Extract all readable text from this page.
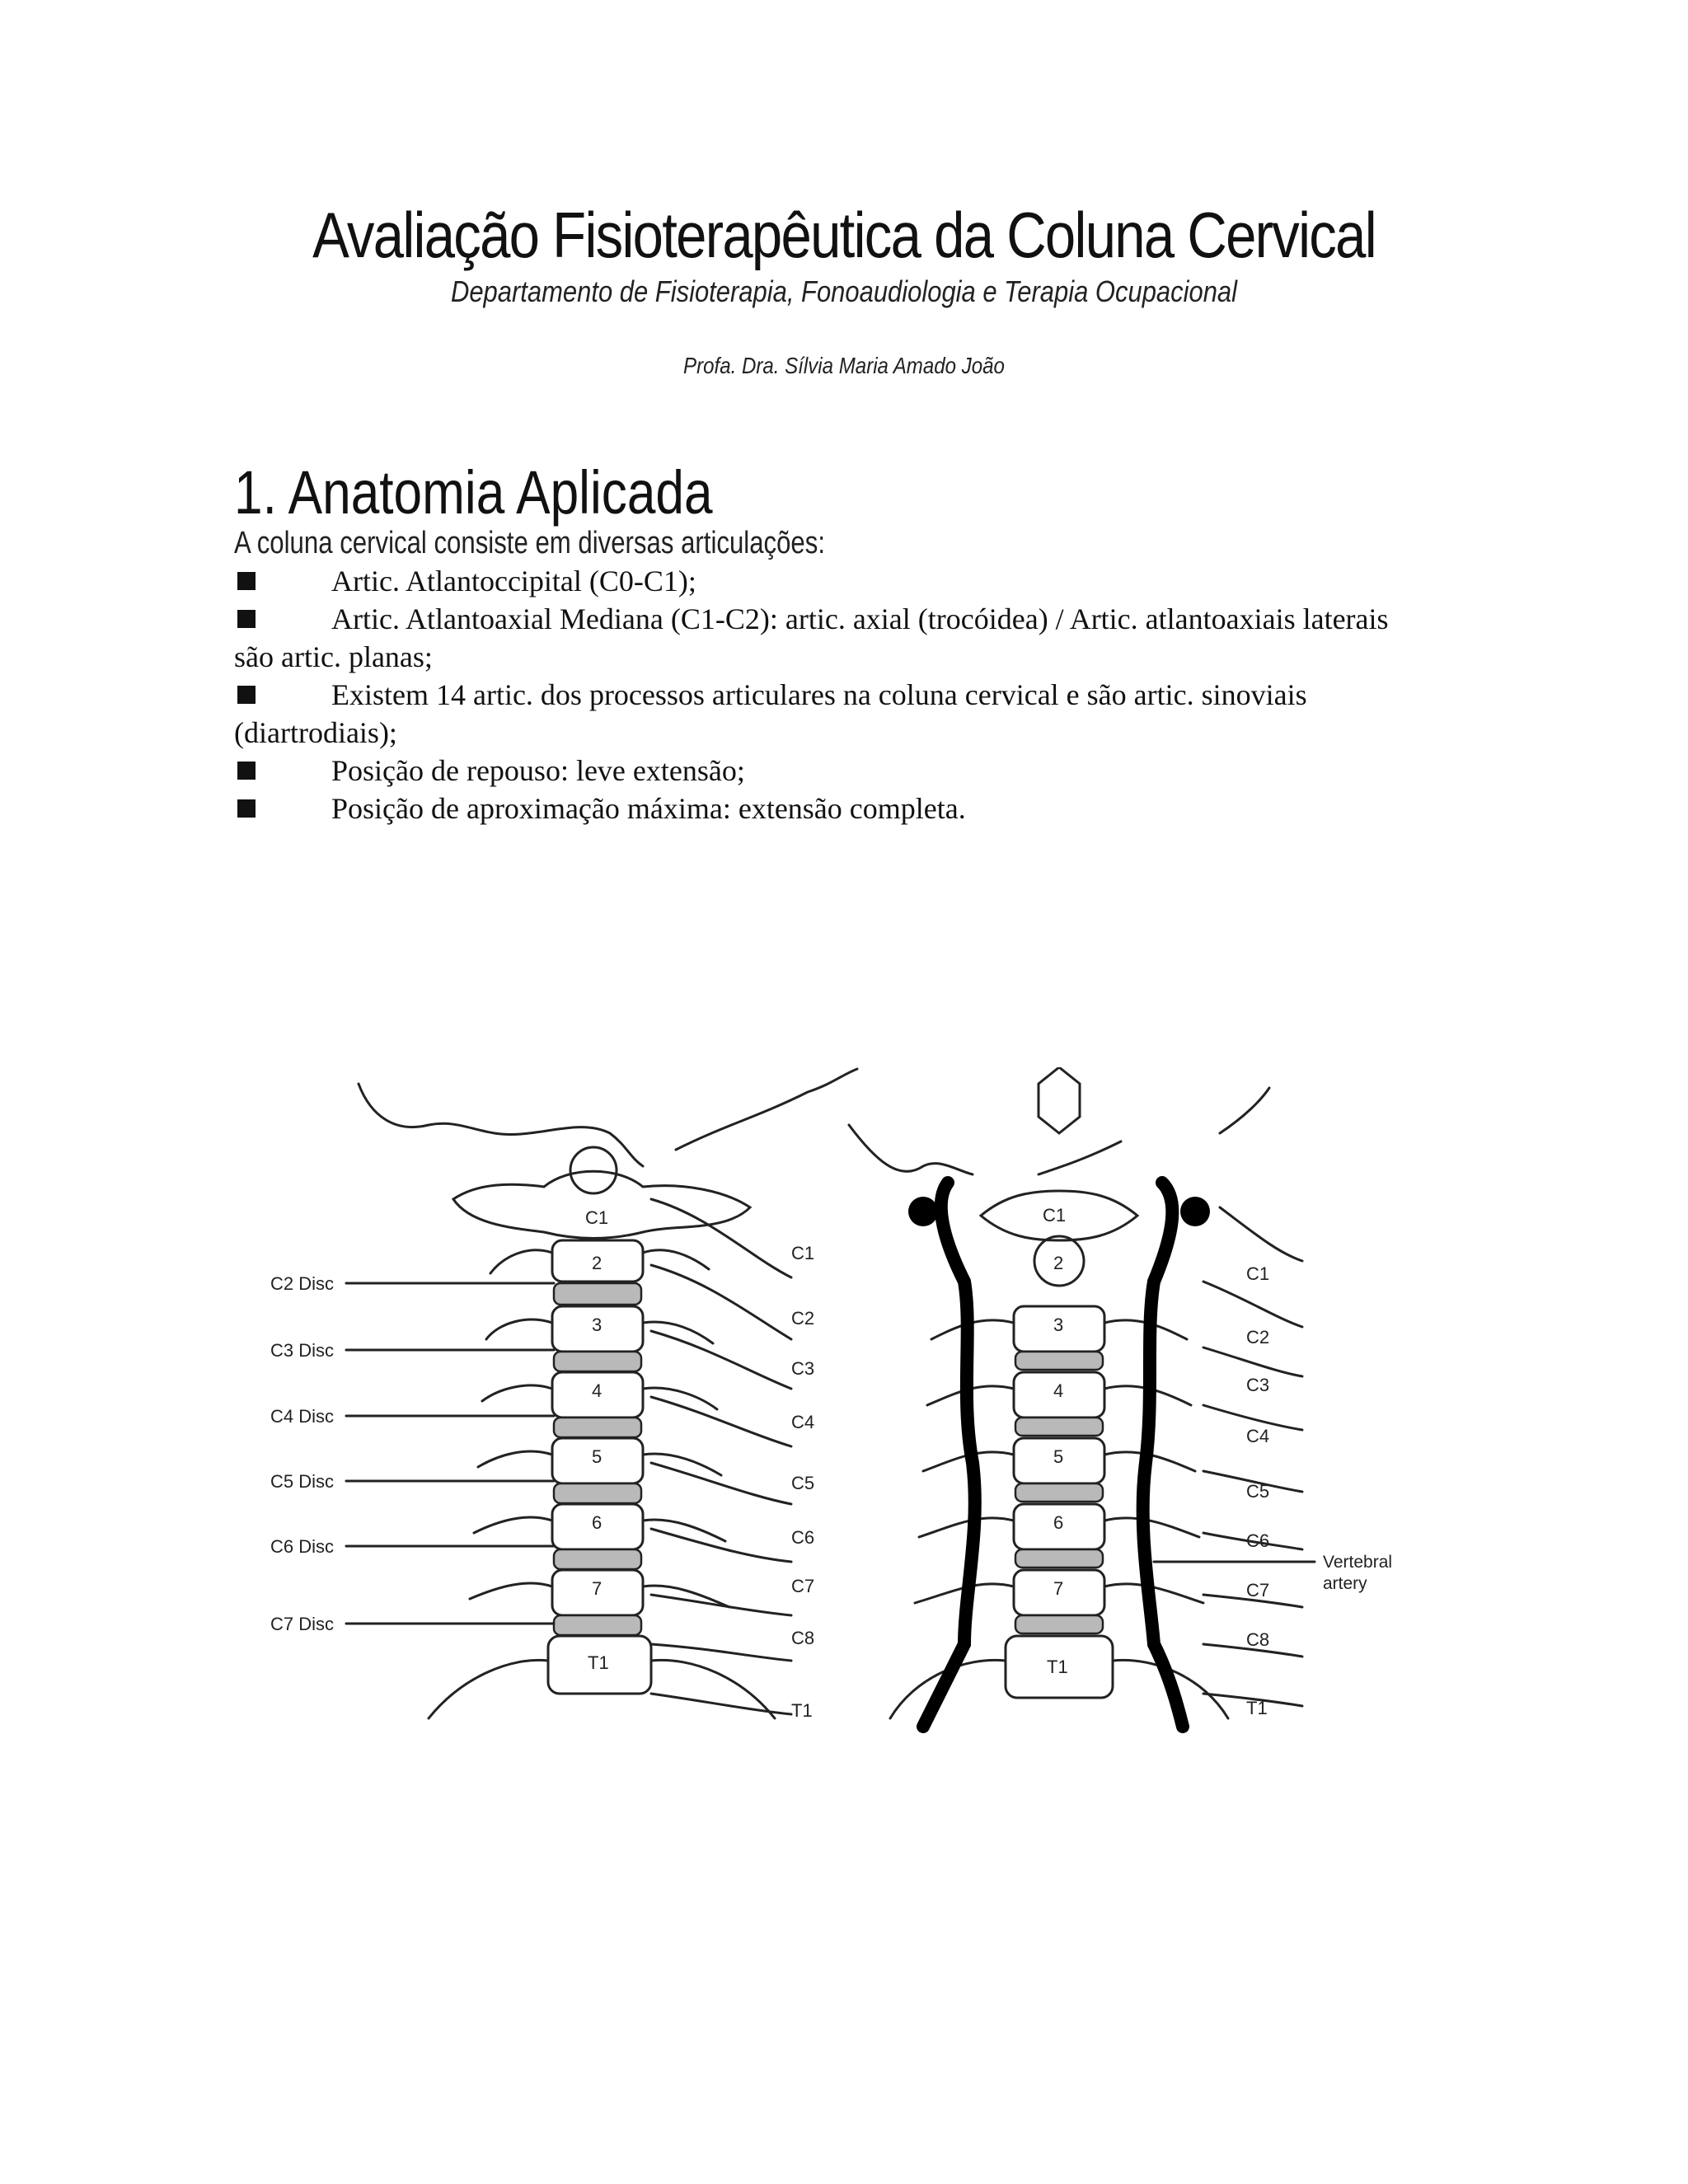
Avaliação Fisioterapêutica da Coluna Cervical
Departamento de Fisioterapia, Fonoaudiologia e Terapia Ocupacional
Profa. Dra. Sílvia Maria Amado João
1. Anatomia Aplicada
A coluna cervical consiste em diversas articulações:

Artic. Atlantoccipital (C0-C1);

Artic. Atlantoaxial Mediana (C1-C2): artic. axial (trocóidea) / Artic. atlantoaxiais laterais são artic. planas;

Existem 14 artic. dos processos articulares na coluna cervical e são artic. sinoviais (diartrodiais);

Posição de repouso: leve extensão;

Posição de aproximação máxima: extensão completa.

C2 Disc
C3 Disc
C4 Disc
C5 Disc
C6 Disc
C7 Disc
C1
2
3
4
5
6
7
T1
C1
C2
C3
C4
C5
C6
C7
C8
T1
C1
2
3
4
5
6
7
T1
C1
C2
C3
C4
C5
C6
C7
C8
T1
Vertebral
artery
